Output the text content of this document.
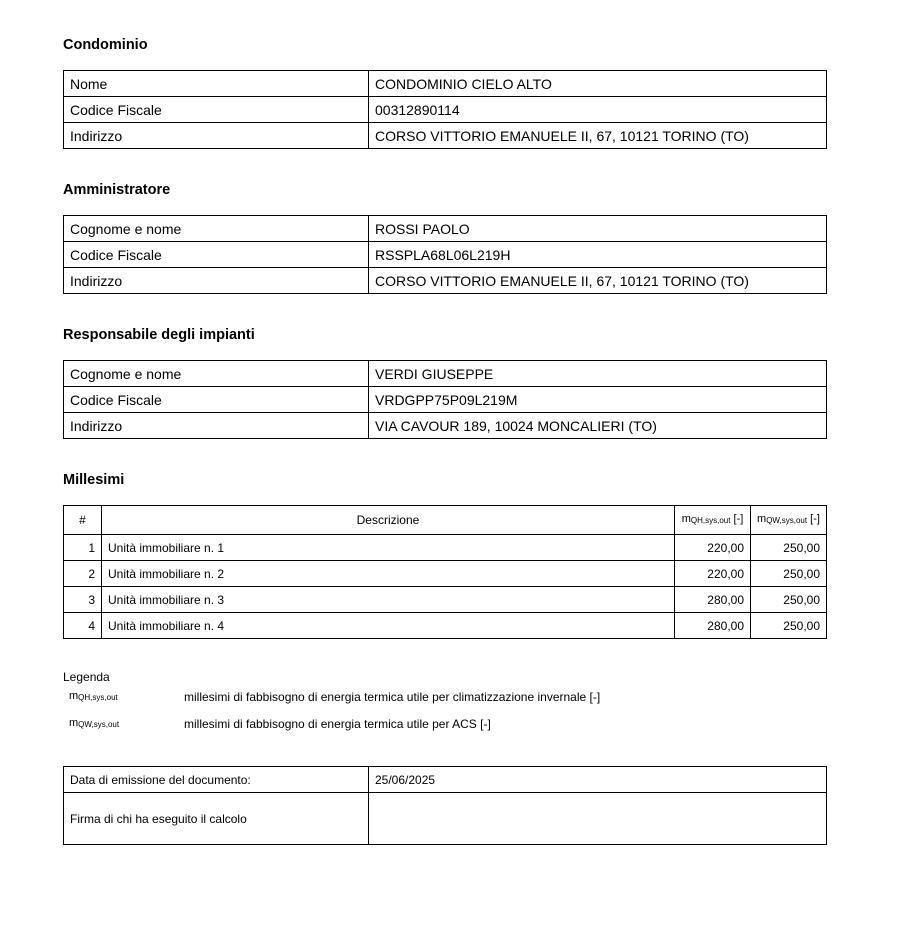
Condominio
Nome	CONDOMINIO CIELO ALTO
Codice Fiscale	00312890114
Indirizzo	CORSO VITTORIO EMANUELE II, 67, 10121 TORINO (TO)
Amministratore
Cognome e nome	ROSSI PAOLO
Codice Fiscale	RSSPLA68L06L219H
Indirizzo	CORSO VITTORIO EMANUELE II, 67, 10121 TORINO (TO)
Responsabile degli impianti
Cognome e nome	VERDI GIUSEPPE
Codice Fiscale	VRDGPP75P09L219M
Indirizzo	VIA CAVOUR 189, 10024 MONCALIERI (TO)
Millesimi
#	Descrizione	$m_{QH,sys,out}$ [-]	$m_{QW,sys,out}$ [-]
1	Unità immobiliare n. 1	220,00	250,00
2	Unità immobiliare n. 2	220,00	250,00
3	Unità immobiliare n. 3	280,00	250,00
4	Unità immobiliare n. 4	280,00	250,00
Legenda
$m_{QH,sys,out}$	millesimi di fabbisogno di energia termica utile per climatizzazione invernale [-]
$m_{QW,sys,out}$	millesimi di fabbisogno di energia termica utile per ACS [-]
Data di emissione del documento:	25/06/2025
Firma di chi ha eseguito il calcolo	
